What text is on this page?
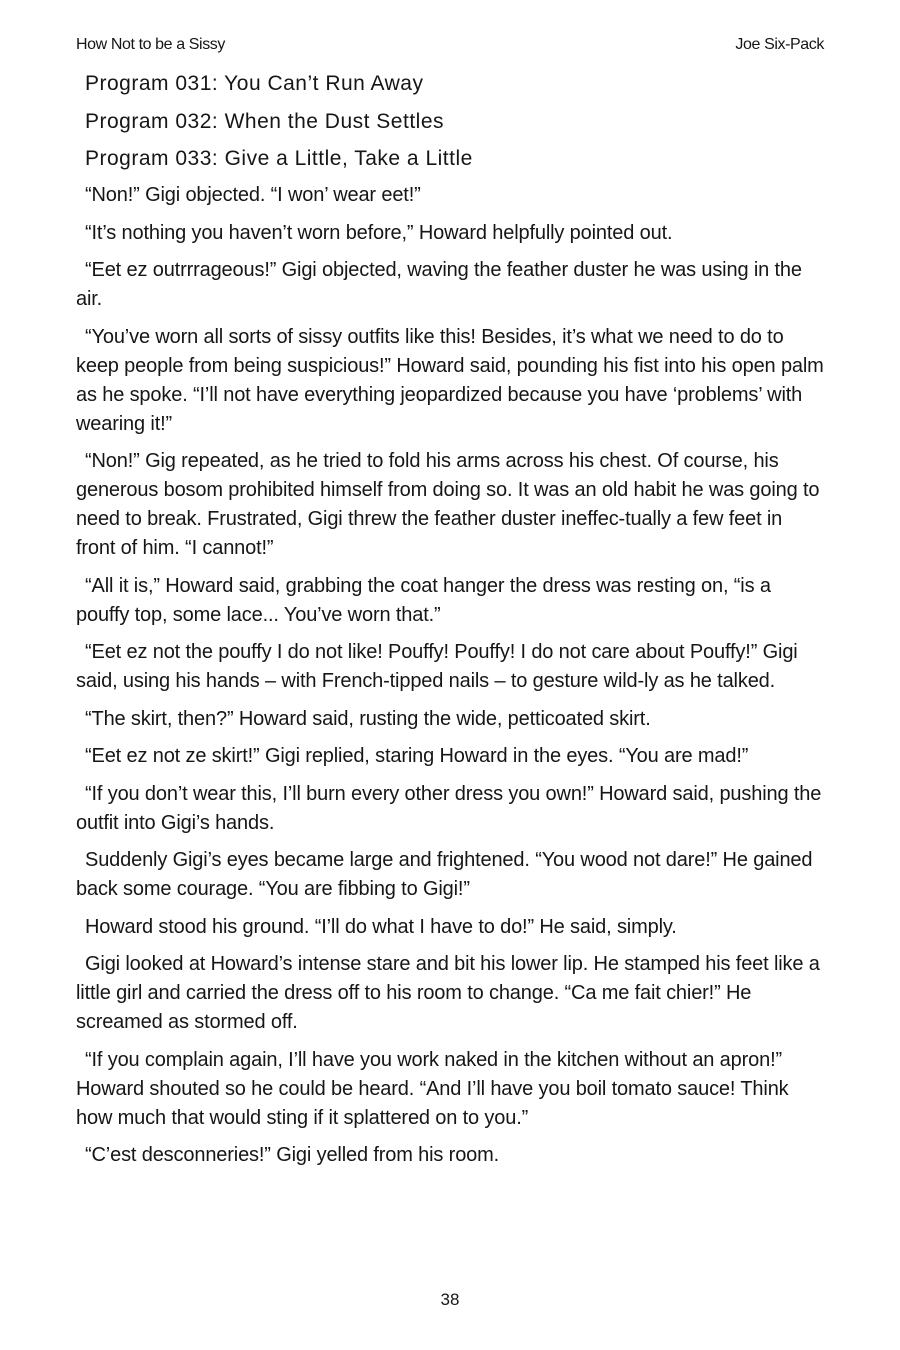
How Not to be a Sissy	Joe Six-Pack
Program 031: You Can’t Run Away
Program 032: When the Dust Settles
Program 033: Give a Little, Take a Little

“Non!” Gigi objected. “I won’ wear eet!”

“It’s nothing you haven’t worn before,” Howard helpfully pointed out.

“Eet ez outrrrageous!” Gigi objected, waving the feather duster he was using in the air.

“You’ve worn all sorts of sissy outfits like this! Besides, it’s what we need to do to keep people from being suspicious!” Howard said, pounding his fist into his open palm as he spoke. “I’ll not have everything jeopardized because you have ‘problems’ with wearing it!”

“Non!” Gig repeated, as he tried to fold his arms across his chest. Of course, his generous bosom prohibited himself from doing so. It was an old habit he was going to need to break. Frustrated, Gigi threw the feather duster ineffec-tually a few feet in front of him. “I cannot!”

“All it is,” Howard said, grabbing the coat hanger the dress was resting on, “is a pouffy top, some lace... You’ve worn that.”

“Eet ez not the pouffy I do not like! Pouffy! Pouffy! I do not care about Pouffy!” Gigi said, using his hands – with French-tipped nails – to gesture wild-ly as he talked.

“The skirt, then?” Howard said, rusting the wide, petticoated skirt.

“Eet ez not ze skirt!” Gigi replied, staring Howard in the eyes. “You are mad!”

“If you don’t wear this, I’ll burn every other dress you own!” Howard said, pushing the outfit into Gigi’s hands.

Suddenly Gigi’s eyes became large and frightened. “You wood not dare!” He gained back some courage. “You are fibbing to Gigi!”

Howard stood his ground. “I’ll do what I have to do!” He said, simply.

Gigi looked at Howard’s intense stare and bit his lower lip. He stamped his feet like a little girl and carried the dress off to his room to change. “Ca me fait chier!” He screamed as stormed off.

“If you complain again, I’ll have you work naked in the kitchen without an apron!” Howard shouted so he could be heard. “And I’ll have you boil tomato sauce! Think how much that would sting if it splattered on to you.”

“C’est desconneries!” Gigi yelled from his room.

38
